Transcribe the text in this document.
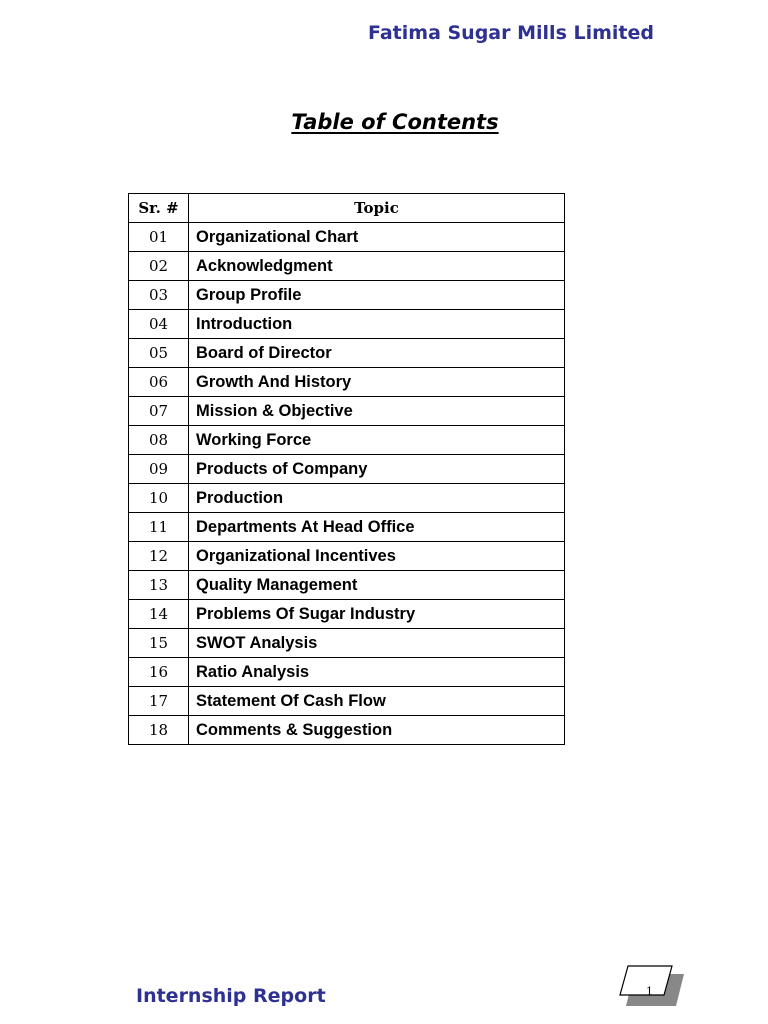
Fatima Sugar Mills Limited
Table of Contents
Sr. #	Topic
01	Organizational Chart
02	Acknowledgment
03	Group Profile
04	Introduction
05	Board of Director
06	Growth And History
07	Mission & Objective
08	Working Force
09	Products of Company
10	Production
11	Departments At Head Office
12	Organizational Incentives
13	Quality Management
14	Problems Of Sugar Industry
15	SWOT Analysis
16	Ratio Analysis
17	Statement Of Cash Flow
18	Comments & Suggestion
Internship Report	1
